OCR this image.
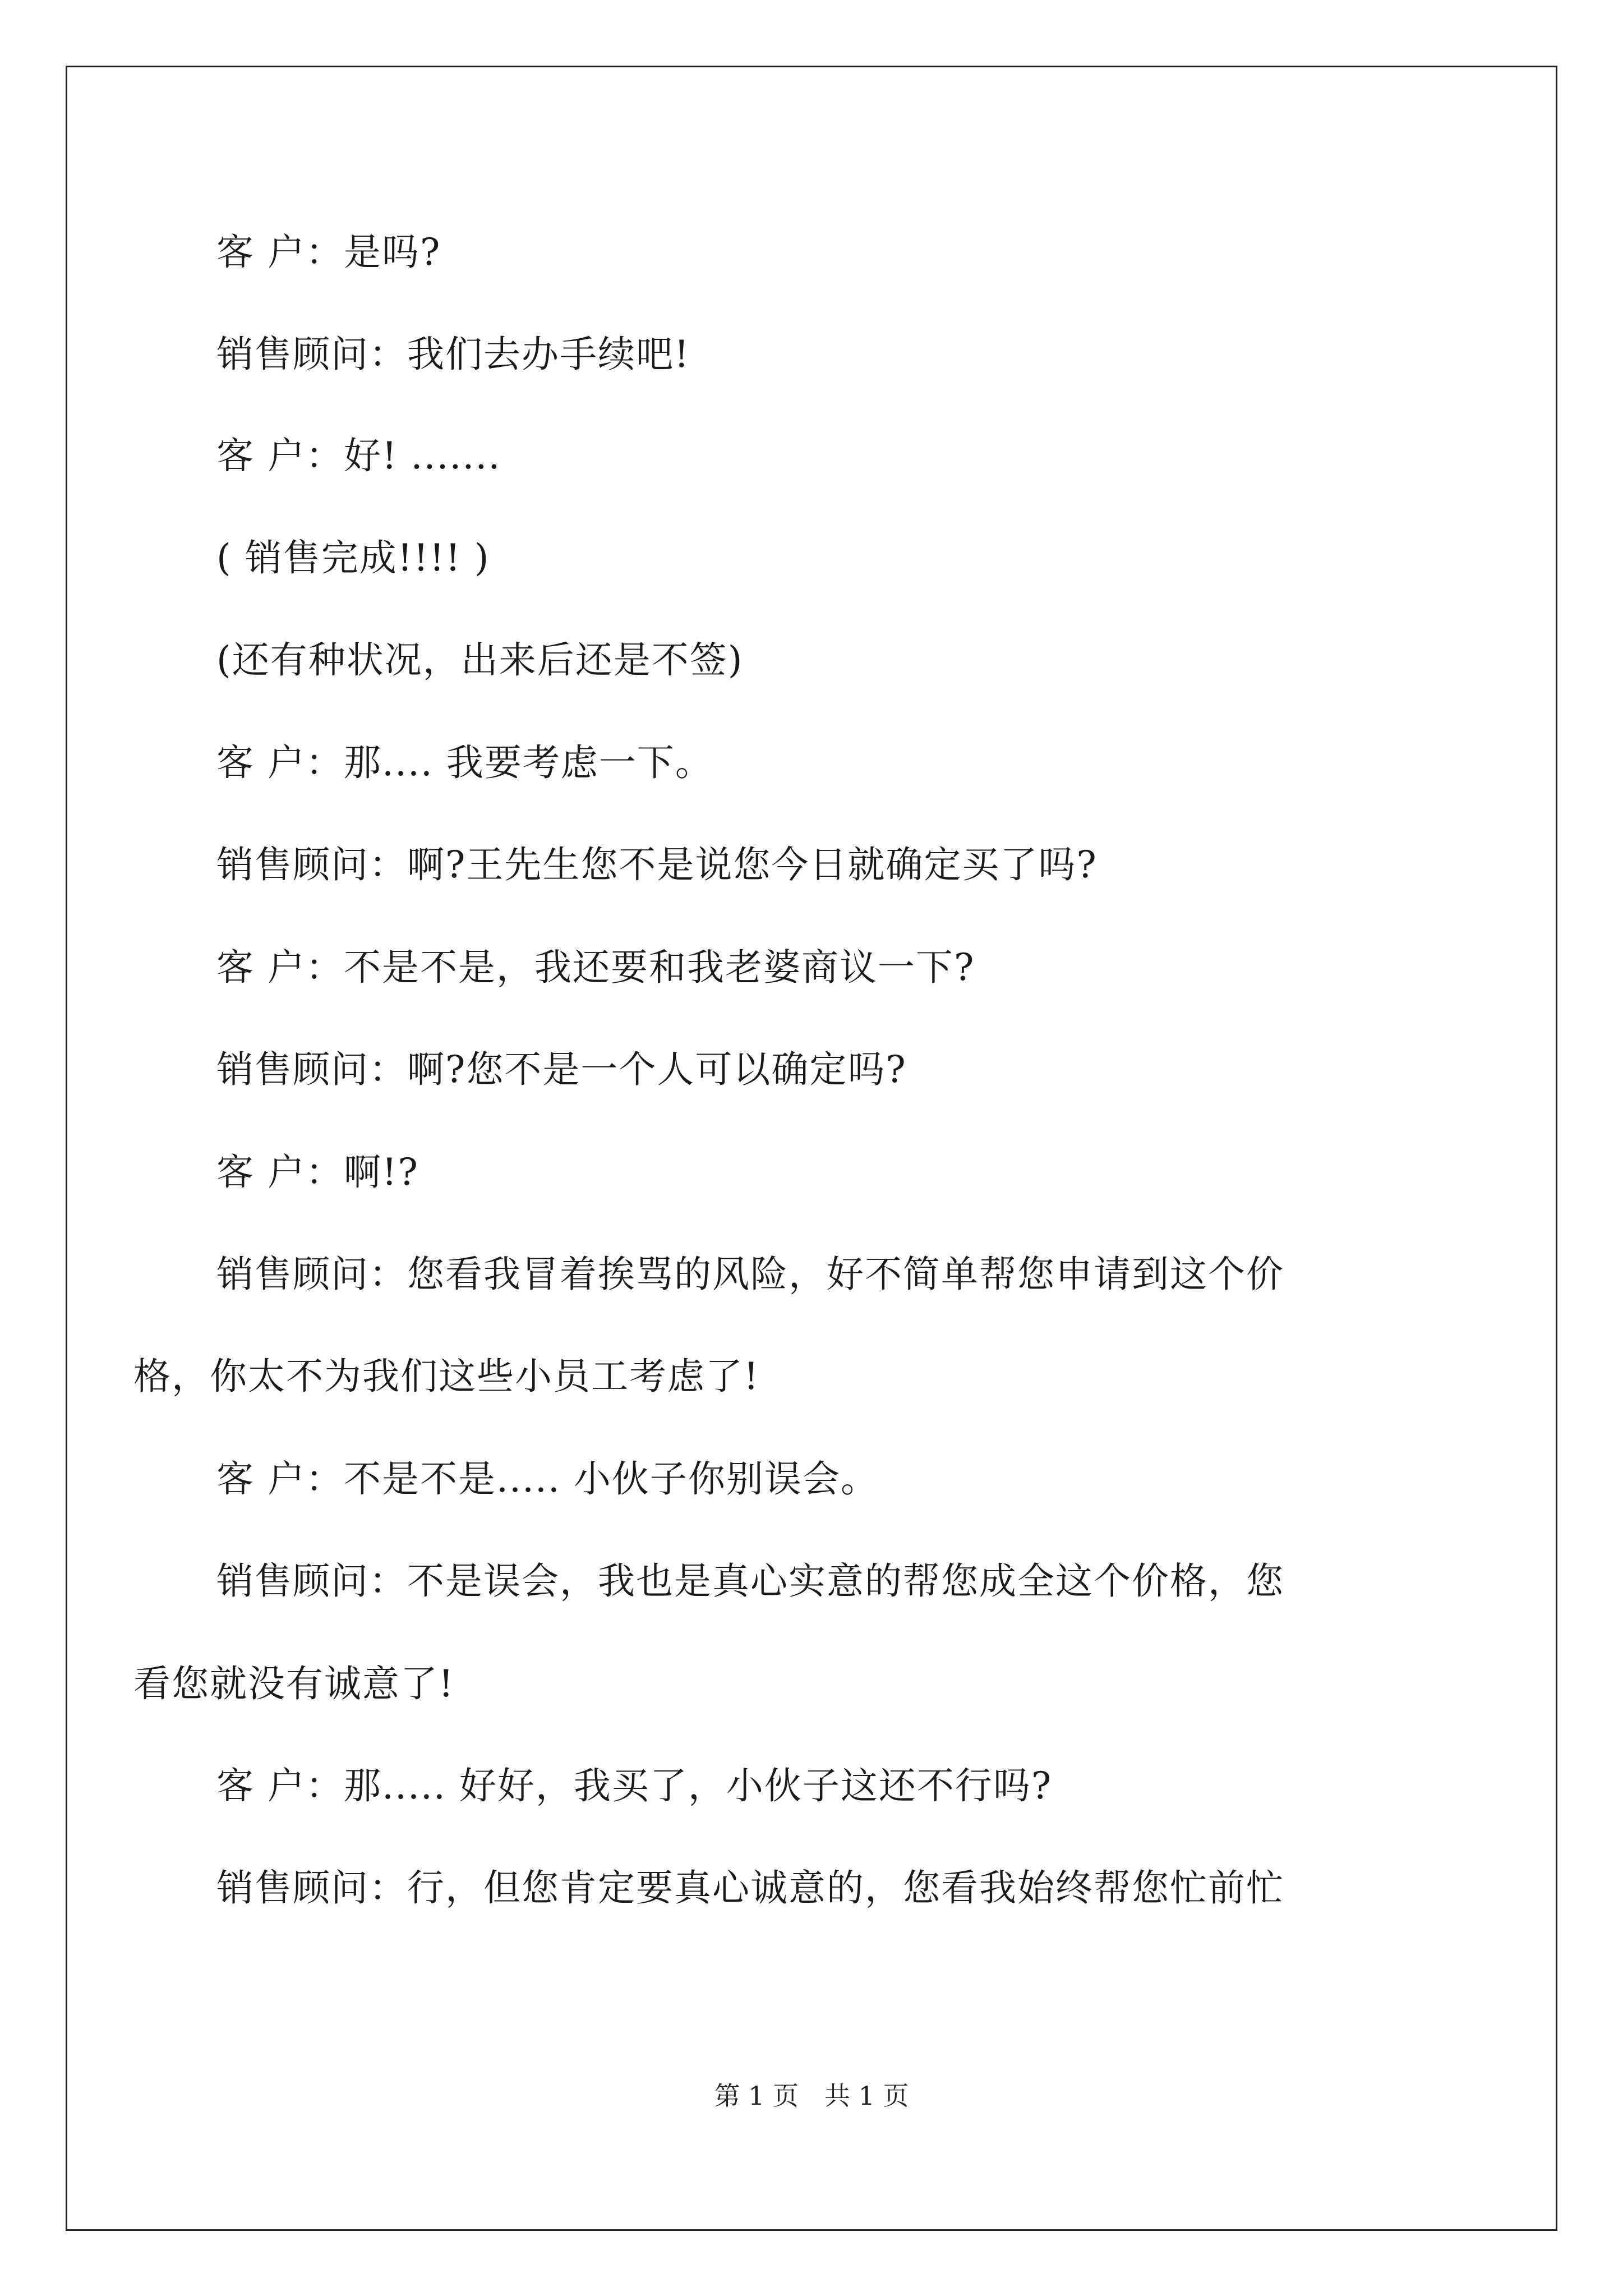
客 户：是吗?
销售顾问：我们去办手续吧!
客 户：好! .......
( 销售完成!!!! )
(还有种状况，出来后还是不签)
客 户：那.... 我要考虑一下。
销售顾问：啊?王先生您不是说您今日就确定买了吗?
客 户：不是不是，我还要和我老婆商议一下?
销售顾问：啊?您不是一个人可以确定吗?
客 户：啊!?
销售顾问：您看我冒着挨骂的风险，好不简单帮您申请到这个价
格，你太不为我们这些小员工考虑了!
客 户：不是不是..... 小伙子你别误会。
销售顾问：不是误会，我也是真心实意的帮您成全这个价格，您
看您就没有诚意了!
客 户：那..... 好好，我买了，小伙子这还不行吗?
销售顾问：行，但您肯定要真心诚意的，您看我始终帮您忙前忙
第 1 页　共 1 页
